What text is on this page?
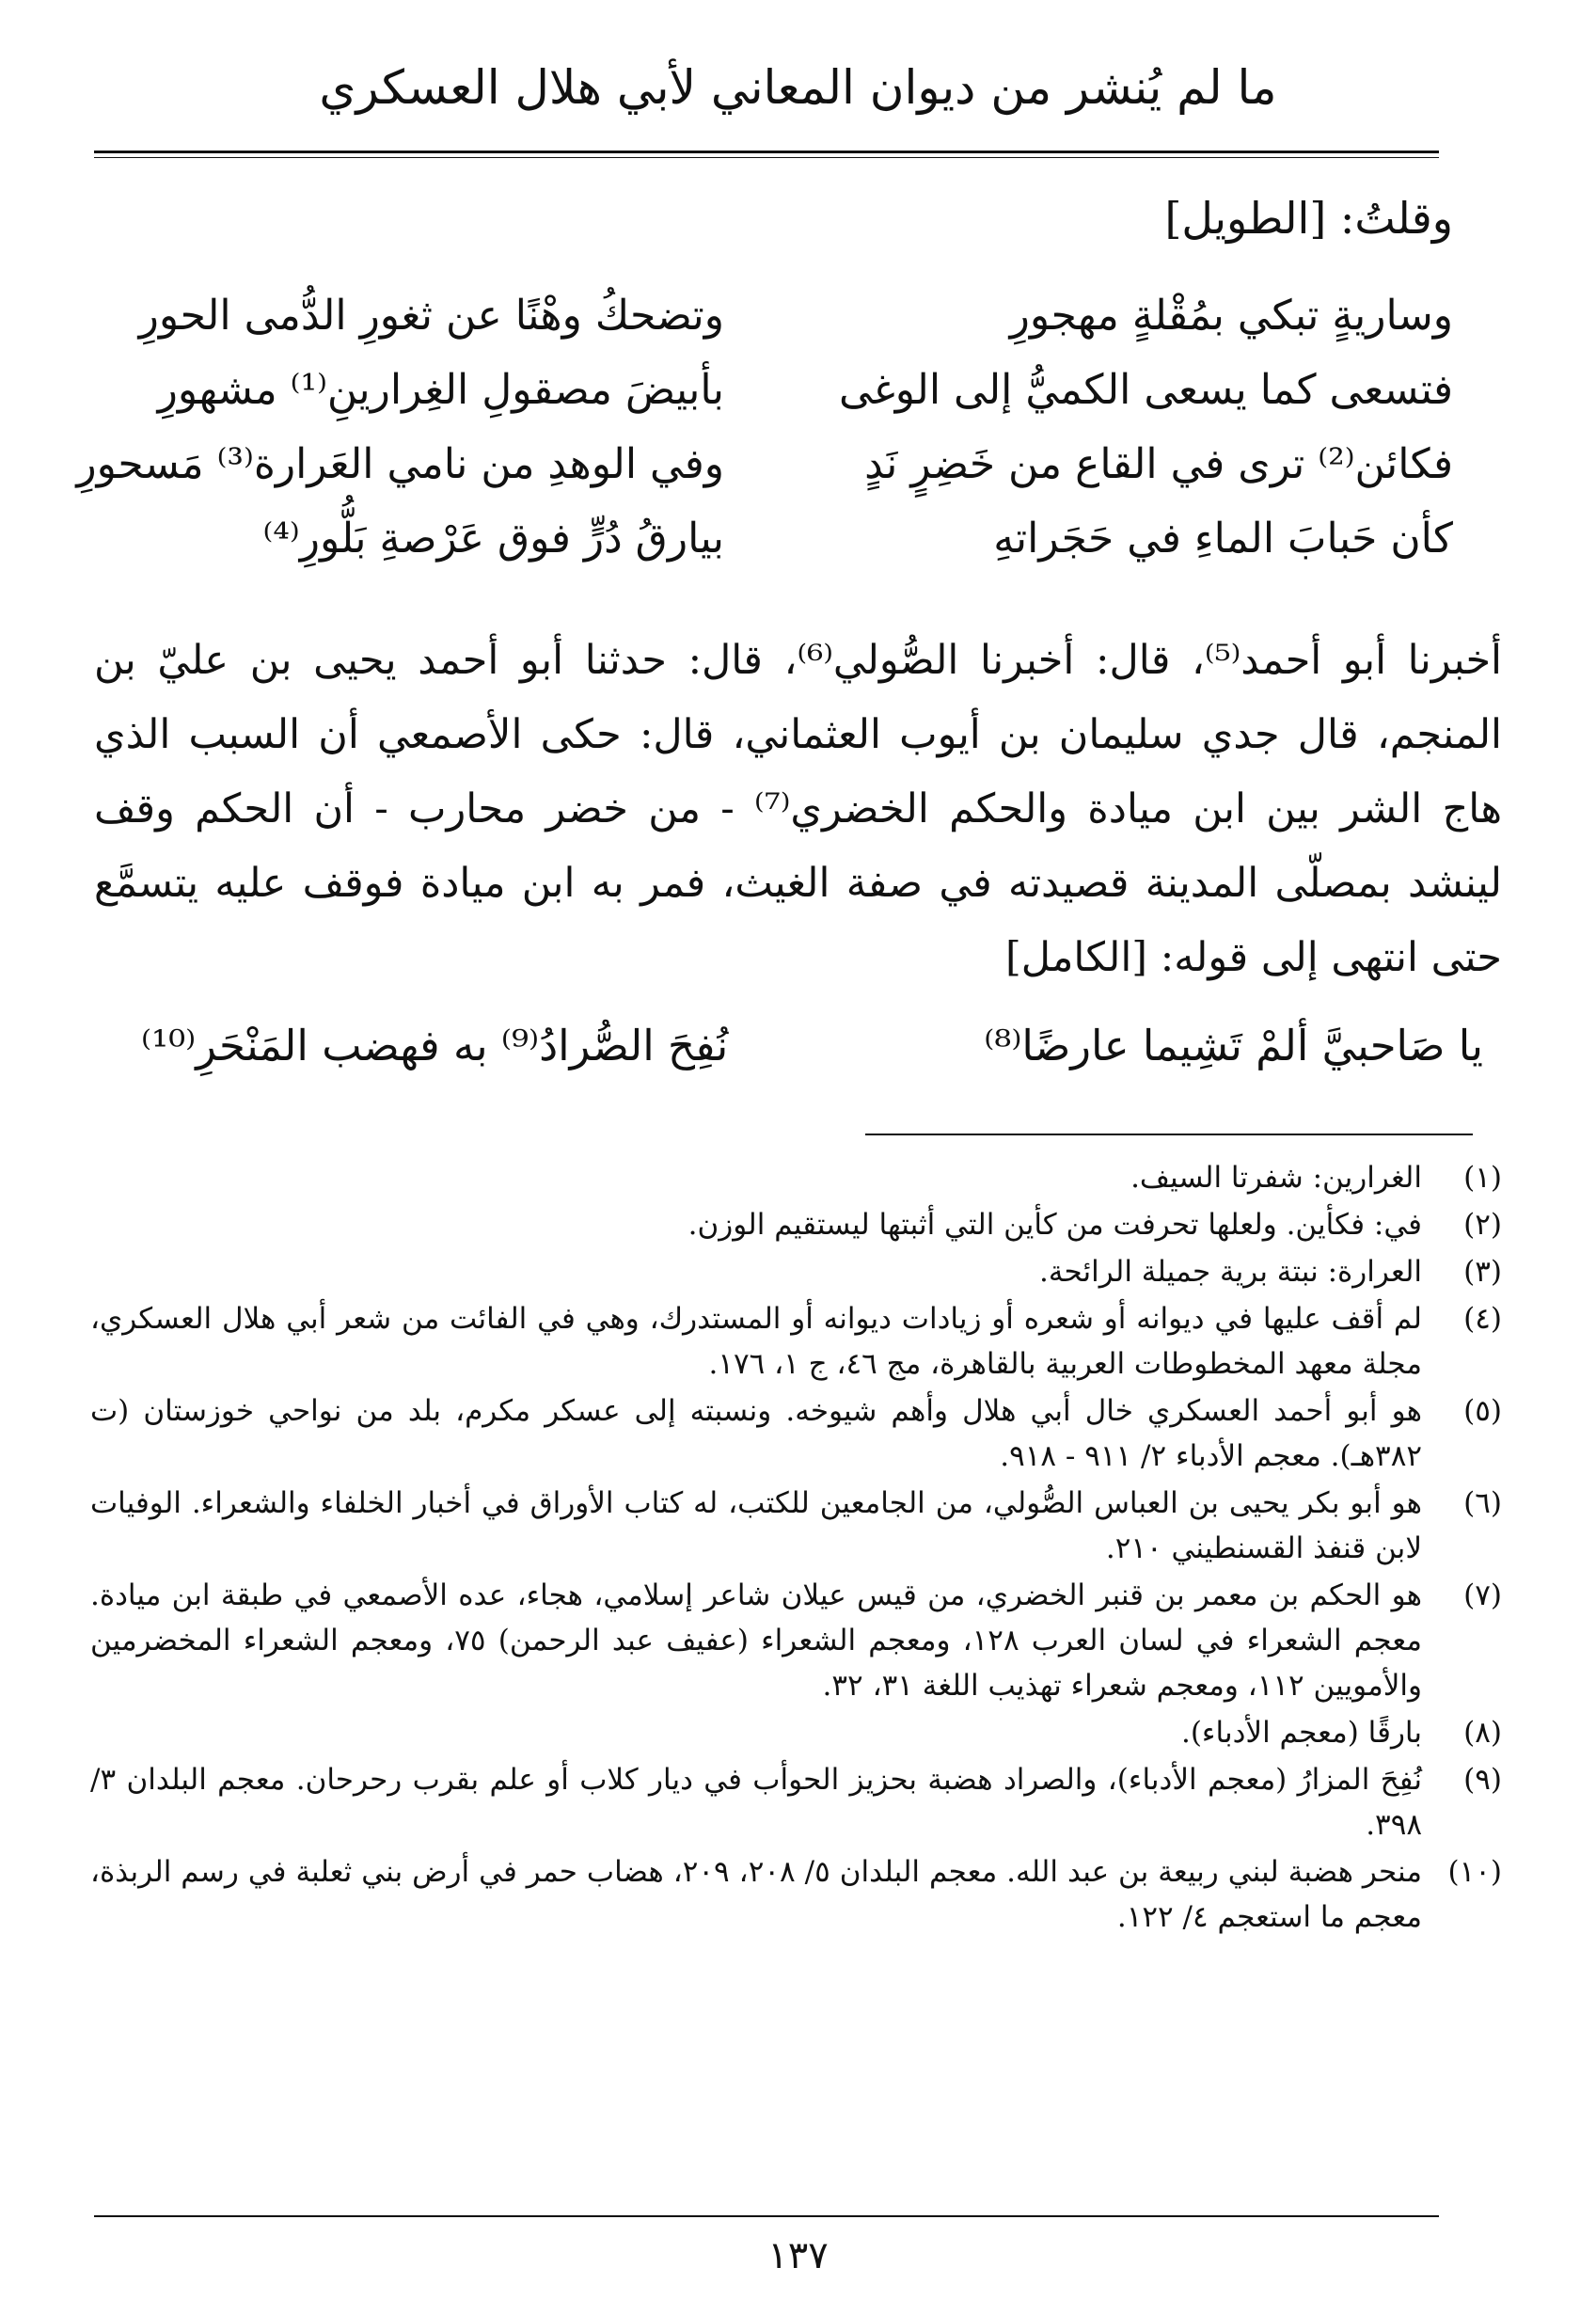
ما لم يُنشر من ديوان المعاني لأبي هلال العسكري
وقلتُ: [الطويل]
وساريةٍ تبكي بمُقْلةٍ مهجورِ
وتضحكُ وهْنًا عن ثغورِ الدُّمى الحورِ
فتسعى كما يسعى الكميُّ إلى الوغى
بأبيضَ مصقولِ الغِرارينِ⁽¹⁾ مشهورِ
فكائن⁽²⁾ ترى في القاع من خَضِرٍ نَدٍ
وفي الوهدِ من نامي العَرارة⁽³⁾ مَسحورِ
كأن حَبابَ الماءِ في حَجَراتهِ
بيارقُ دُرٍّ فوق عَرْصةِ بَلُّورِ⁽⁴⁾

أخبرنا أبو أحمد⁽⁵⁾، قال: أخبرنا الصُّولي⁽⁶⁾، قال: حدثنا أبو أحمد يحيى بن عليّ بن المنجم، قال جدي سليمان بن أيوب العثماني، قال: حكى الأصمعي أن السبب الذي هاج الشر بين ابن ميادة والحكم الخضري⁽⁷⁾ - من خضر محارب - أن الحكم وقف لينشد بمصلّى المدينة قصيدته في صفة الغيث، فمر به ابن ميادة فوقف عليه يتسمَّع حتى انتهى إلى قوله: [الكامل]

يا صَاحبيَّ ألمْ تَشِيما عارضًا⁽⁸⁾
نُفِحَ الصُّرادُ⁽⁹⁾ به فهضب المَنْحَرِ⁽¹⁰⁾
(١)
الغرارين: شفرتا السيف.
(٢)
في: فكأين. ولعلها تحرفت من كأين التي أثبتها ليستقيم الوزن.
(٣)
العرارة: نبتة برية جميلة الرائحة.
(٤)
لم أقف عليها في ديوانه أو شعره أو زيادات ديوانه أو المستدرك، وهي في الفائت من شعر أبي هلال العسكري، مجلة معهد المخطوطات العربية بالقاهرة، مج ٤٦، ج ١، ١٧٦.
(٥)
هو أبو أحمد العسكري خال أبي هلال وأهم شيوخه. ونسبته إلى عسكر مكرم، بلد من نواحي خوزستان (ت ٣٨٢هـ). معجم الأدباء ٢/ ٩١١ - ٩١٨.
(٦)
هو أبو بكر يحيى بن العباس الصُّولي، من الجامعين للكتب، له كتاب الأوراق في أخبار الخلفاء والشعراء. الوفيات لابن قنفذ القسنطيني ٢١٠.
(٧)
هو الحكم بن معمر بن قنبر الخضري، من قيس عيلان شاعر إسلامي، هجاء، عده الأصمعي في طبقة ابن ميادة. معجم الشعراء في لسان العرب ١٢٨، ومعجم الشعراء (عفيف عبد الرحمن) ٧٥، ومعجم الشعراء المخضرمين والأمويين ١١٢، ومعجم شعراء تهذيب اللغة ٣١، ٣٢.
(٨)
بارقًا (معجم الأدباء).
(٩)
نُفِحَ المزارُ (معجم الأدباء)، والصراد هضبة بحزيز الحوأب في ديار كلاب أو علم بقرب رحرحان. معجم البلدان ٣/ ٣٩٨.
(١٠)
منحر هضبة لبني ربيعة بن عبد الله. معجم البلدان ٥/ ٢٠٨، ٢٠٩، هضاب حمر في أرض بني ثعلبة في رسم الربذة، معجم ما استعجم ٤/ ١٢٢.
١٣٧
